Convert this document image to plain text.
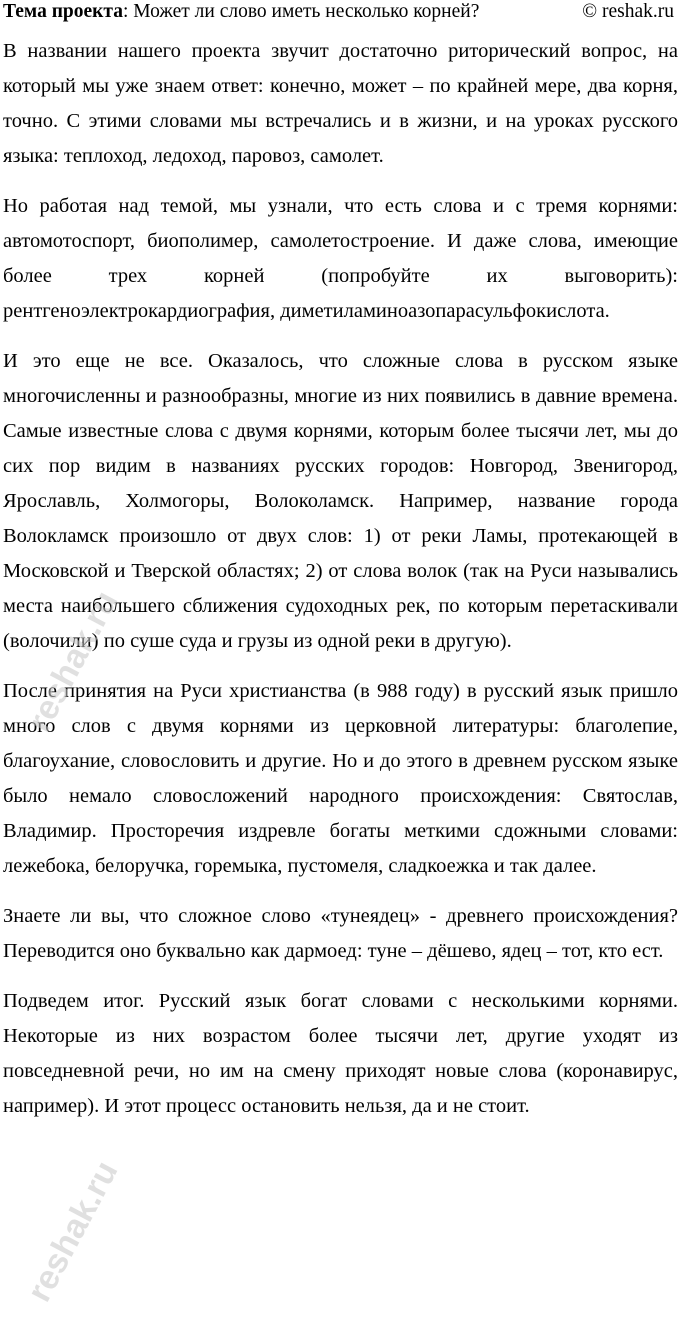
Тема проекта: Может ли слово иметь несколько корней?	© reshak.ru

В названии нашего проекта звучит достаточно риторический вопрос, на который мы уже знаем ответ: конечно, может – по крайней мере, два корня, точно. С этими словами мы встречались и в жизни, и на уроках русского языка: теплоход, ледоход, паровоз, самолет.

Но работая над темой, мы узнали, что есть слова и с тремя корнями: автомотоспорт, биополимер, самолетостроение. И даже слова, имеющие более трех корней (попробуйте их выговорить): рентгеноэлектрокардиография, диметиламиноазопарасульфокислота.

И это еще не все. Оказалось, что сложные слова в русском языке многочисленны и разнообразны, многие из них появились в давние времена. Самые известные слова с двумя корнями, которым более тысячи лет, мы до сих пор видим в названиях русских городов: Новгород, Звенигород, Ярославль, Холмогоры, Волоколамск. Например, название города Волокламск произошло от двух слов: 1) от реки Ламы, протекающей в Московской и Тверской областях; 2) от слова волок (так на Руси назывались места наибольшего сближения судоходных рек, по которым перетаскивали (волочили) по суше суда и грузы из одной реки в другую).

После принятия на Руси христианства (в 988 году) в русский язык пришло много слов с двумя корнями из церковной литературы: благолепие, благоухание, словословить и другие. Но и до этого в древнем русском языке было немало словосложений народного происхождения: Святослав, Владимир. Просторечия издревле богаты меткими сдожными словами: лежебока, белоручка, горемыка, пустомеля, сладкоежка и так далее.

Знаете ли вы, что сложное слово «тунеядец» - древнего происхождения? Переводится оно буквально как дармоед: туне – дёшево, ядец – тот, кто ест.

Подведем итог. Русский язык богат словами с несколькими корнями. Некоторые из них возрастом более тысячи лет, другие уходят из повседневной речи, но им на смену приходят новые слова (коронавирус, например). И этот процесс остановить нельзя, да и не стоит.

reshak.ru
reshak.ru
